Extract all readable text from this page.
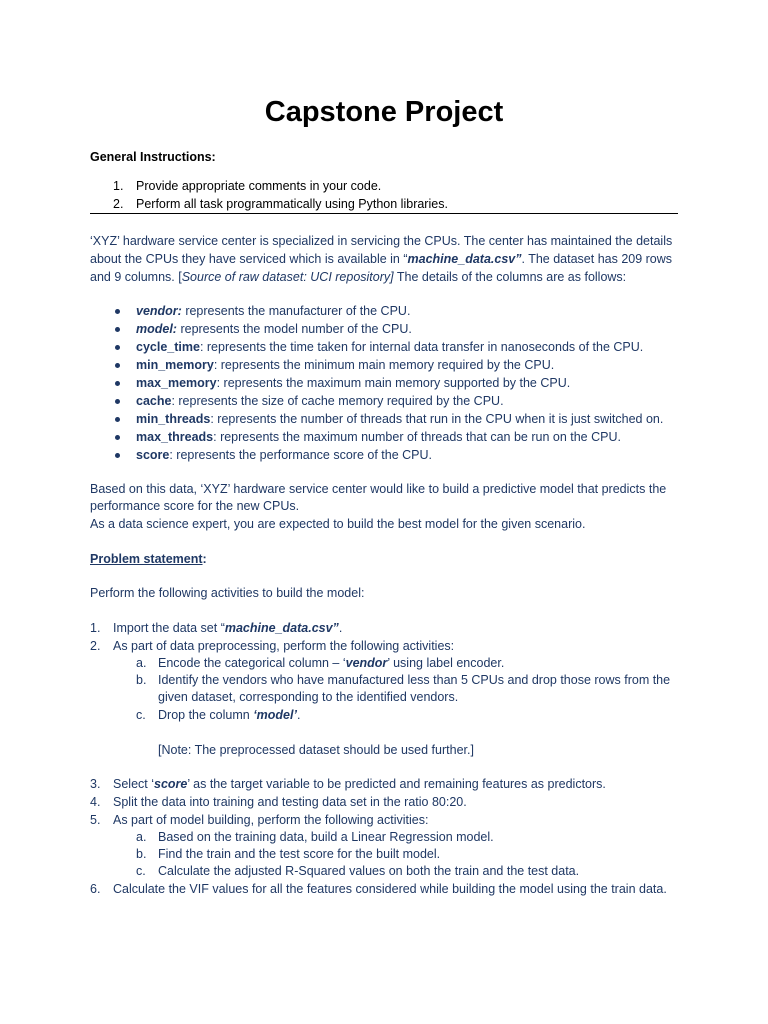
Capstone Project
General Instructions:
1. Provide appropriate comments in your code.
2. Perform all task programmatically using Python libraries.
‘XYZ’ hardware service center is specialized in servicing the CPUs. The center has maintained the details
about the CPUs they have serviced which is available in “machine_data.csv”. The dataset has 209 rows
and 9 columns. [Source of raw dataset: UCI repository] The details of the columns are as follows:
vendor: represents the manufacturer of the CPU.
model: represents the model number of the CPU.
cycle_time: represents the time taken for internal data transfer in nanoseconds of the CPU.
min_memory: represents the minimum main memory required by the CPU.
max_memory: represents the maximum main memory supported by the CPU.
cache: represents the size of cache memory required by the CPU.
min_threads: represents the number of threads that run in the CPU when it is just switched on.
max_threads: represents the maximum number of threads that can be run on the CPU.
score: represents the performance score of the CPU.
Based on this data, ‘XYZ’ hardware service center would like to build a predictive model that predicts the
performance score for the new CPUs.
As a data science expert, you are expected to build the best model for the given scenario.
Problem statement:
Perform the following activities to build the model:
1. Import the data set “machine_data.csv”.
2. As part of data preprocessing, perform the following activities:
a. Encode the categorical column – ‘vendor’ using label encoder.
b. Identify the vendors who have manufactured less than 5 CPUs and drop those rows from the
given dataset, corresponding to the identified vendors.
c. Drop the column ‘model’.
[Note: The preprocessed dataset should be used further.]
3. Select ‘score’ as the target variable to be predicted and remaining features as predictors.
4. Split the data into training and testing data set in the ratio 80:20.
5. As part of model building, perform the following activities:
a. Based on the training data, build a Linear Regression model.
b. Find the train and the test score for the built model.
c. Calculate the adjusted R-Squared values on both the train and the test data.
6. Calculate the VIF values for all the features considered while building the model using the train data.
